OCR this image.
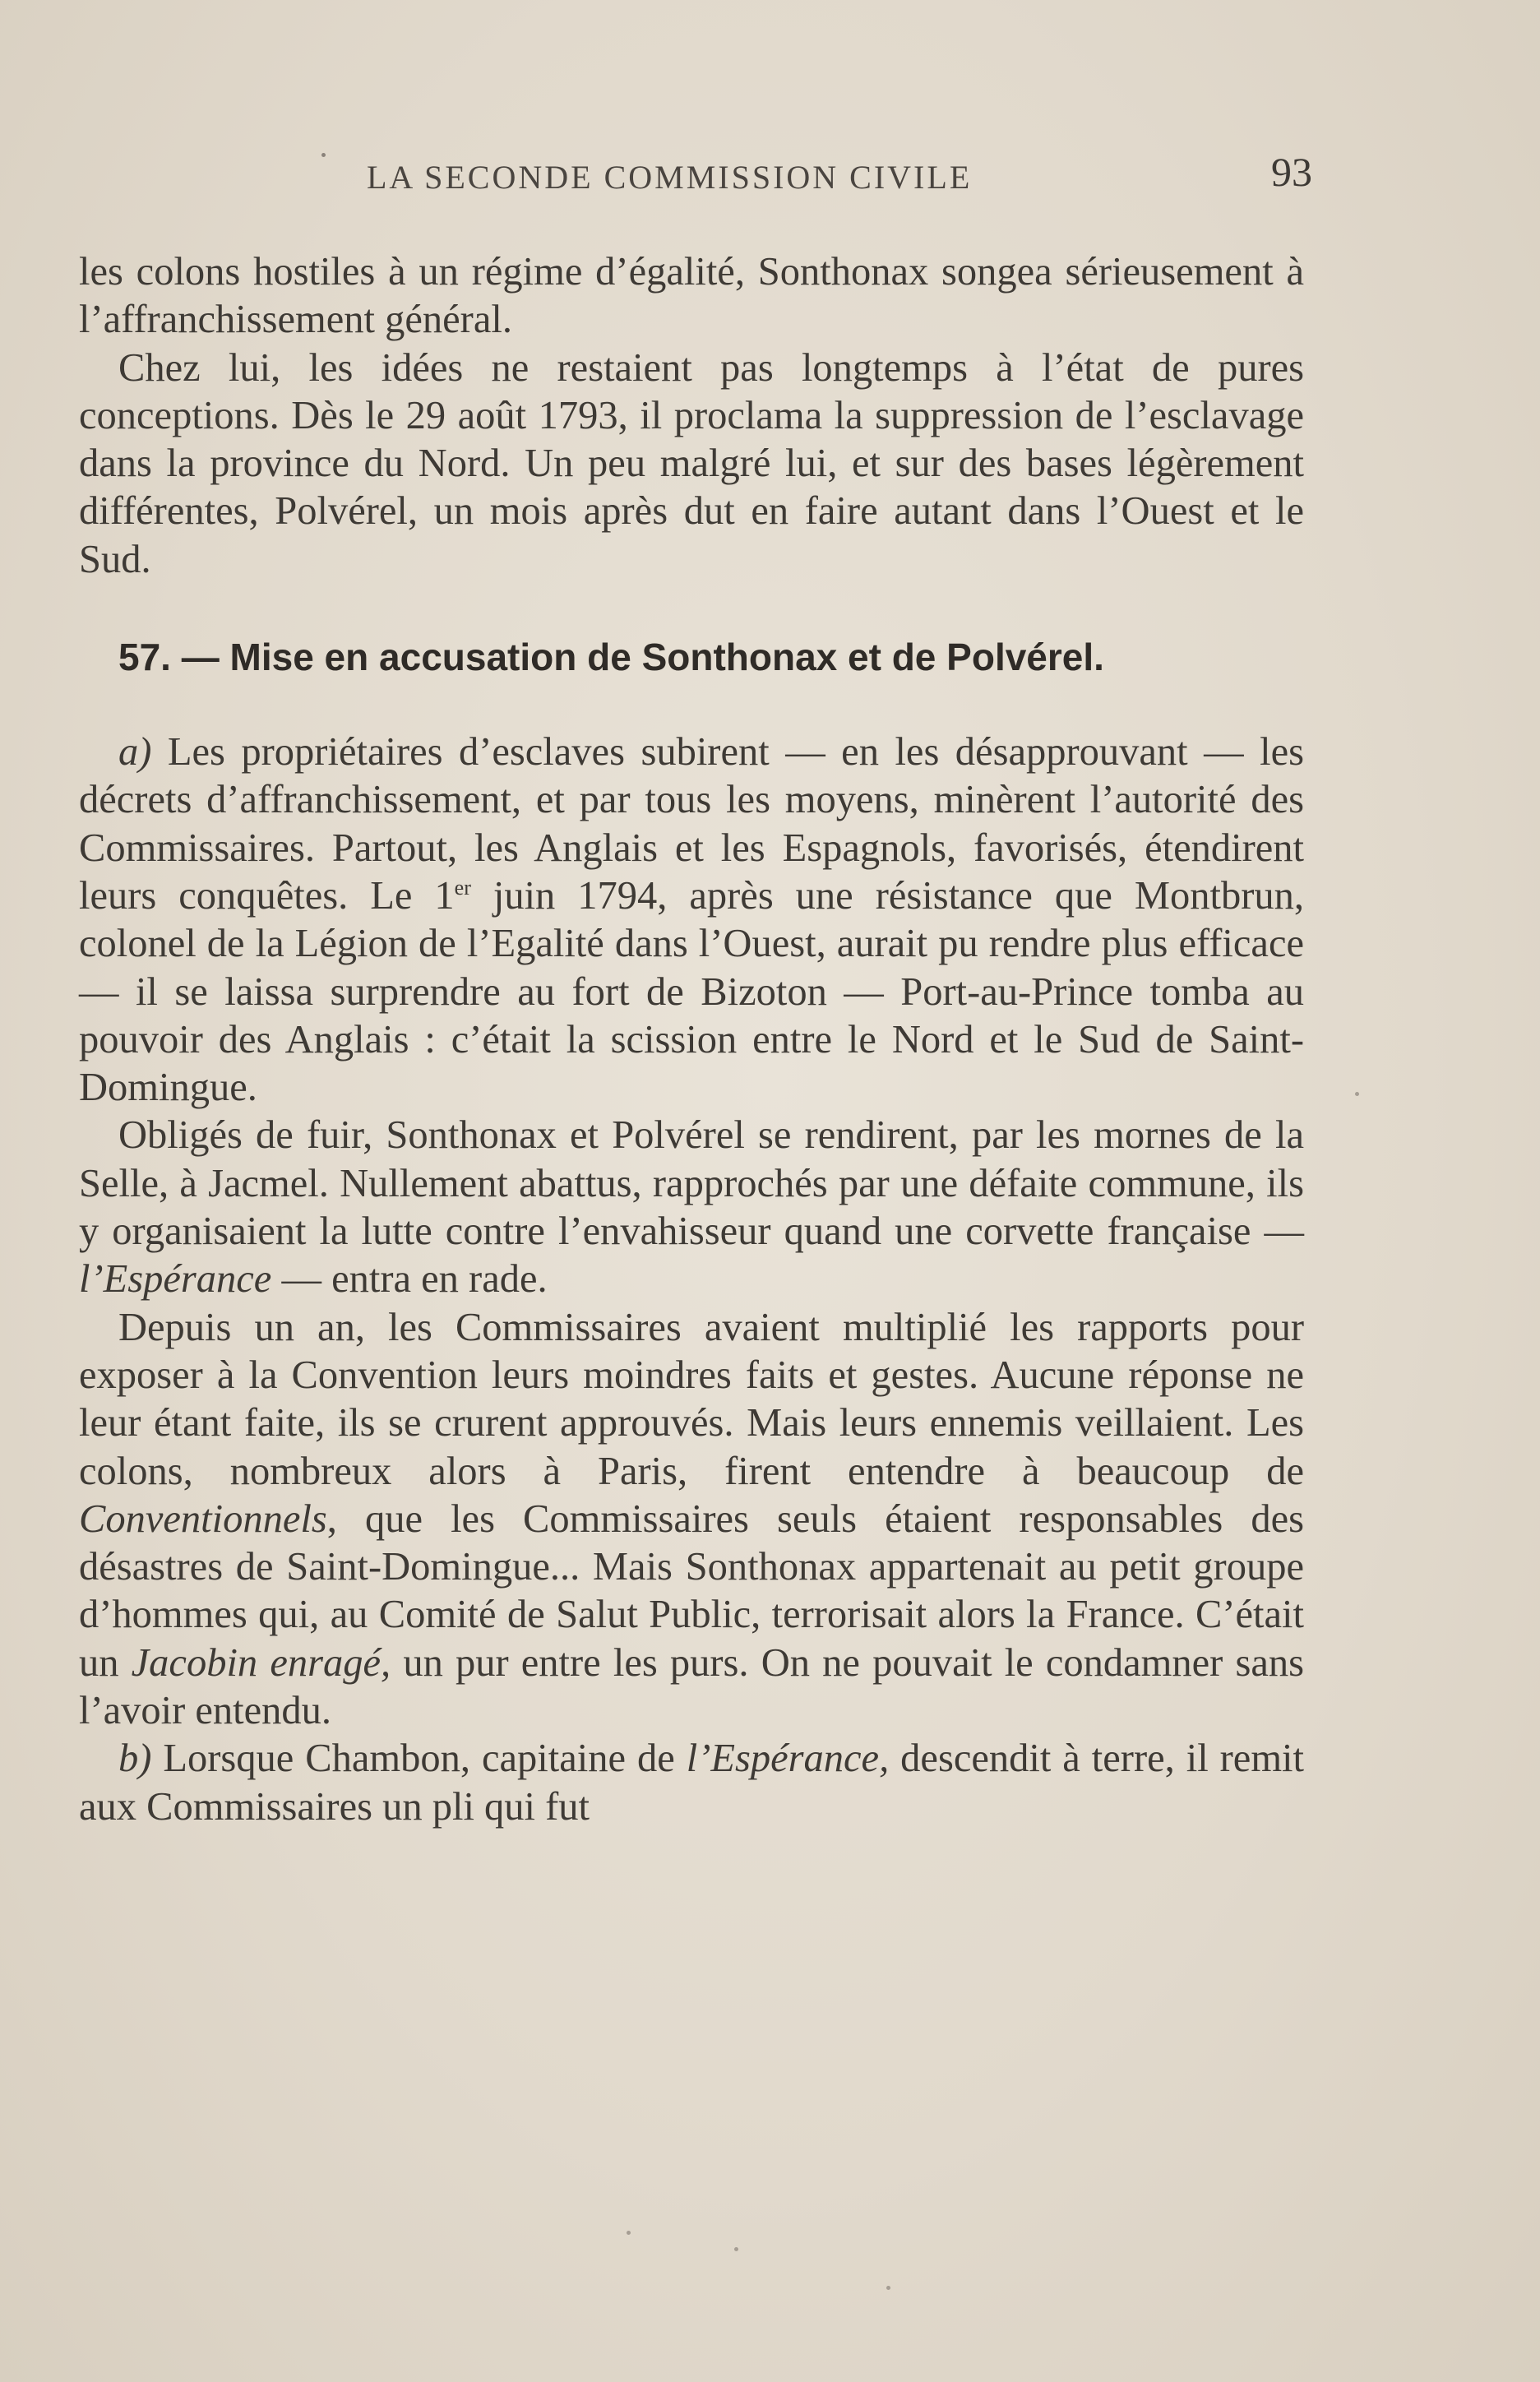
LA SECONDE COMMISSION CIVILE	93

les colons hostiles à un régime d’égalité, Sonthonax songea sérieusement à l’affranchissement général.

Chez lui, les idées ne restaient pas longtemps à l’état de pures conceptions. Dès le 29 août 1793, il proclama la suppression de l’esclavage dans la province du Nord. Un peu malgré lui, et sur des bases légèrement différentes, Polvérel, un mois après dut en faire autant dans l’Ouest et le Sud.

57. — Mise en accusation de Sonthonax et de Polvérel.

a) Les propriétaires d’esclaves subirent — en les désapprouvant — les décrets d’affranchissement, et par tous les moyens, minèrent l’autorité des Commissaires. Partout, les Anglais et les Espagnols, favorisés, étendirent leurs conquêtes. Le 1er juin 1794, après une résistance que Montbrun, colonel de la Légion de l’Egalité dans l’Ouest, aurait pu rendre plus efficace — il se laissa surprendre au fort de Bizoton — Port-au-Prince tomba au pouvoir des Anglais : c’était la scission entre le Nord et le Sud de Saint-Domingue.

Obligés de fuir, Sonthonax et Polvérel se rendirent, par les mornes de la Selle, à Jacmel. Nullement abattus, rapprochés par une défaite commune, ils y organisaient la lutte contre l’envahisseur quand une corvette française — l’Espérance — entra en rade.

Depuis un an, les Commissaires avaient multiplié les rapports pour exposer à la Convention leurs moindres faits et gestes. Aucune réponse ne leur étant faite, ils se crurent approuvés. Mais leurs ennemis veillaient. Les colons, nombreux alors à Paris, firent entendre à beaucoup de Conventionnels, que les Commissaires seuls étaient responsables des désastres de Saint-Domingue... Mais Sonthonax appartenait au petit groupe d’hommes qui, au Comité de Salut Public, terrorisait alors la France. C’était un Jacobin enragé, un pur entre les purs. On ne pouvait le condamner sans l’avoir entendu.

b) Lorsque Chambon, capitaine de l’Espérance, descendit à terre, il remit aux Commissaires un pli qui fut
